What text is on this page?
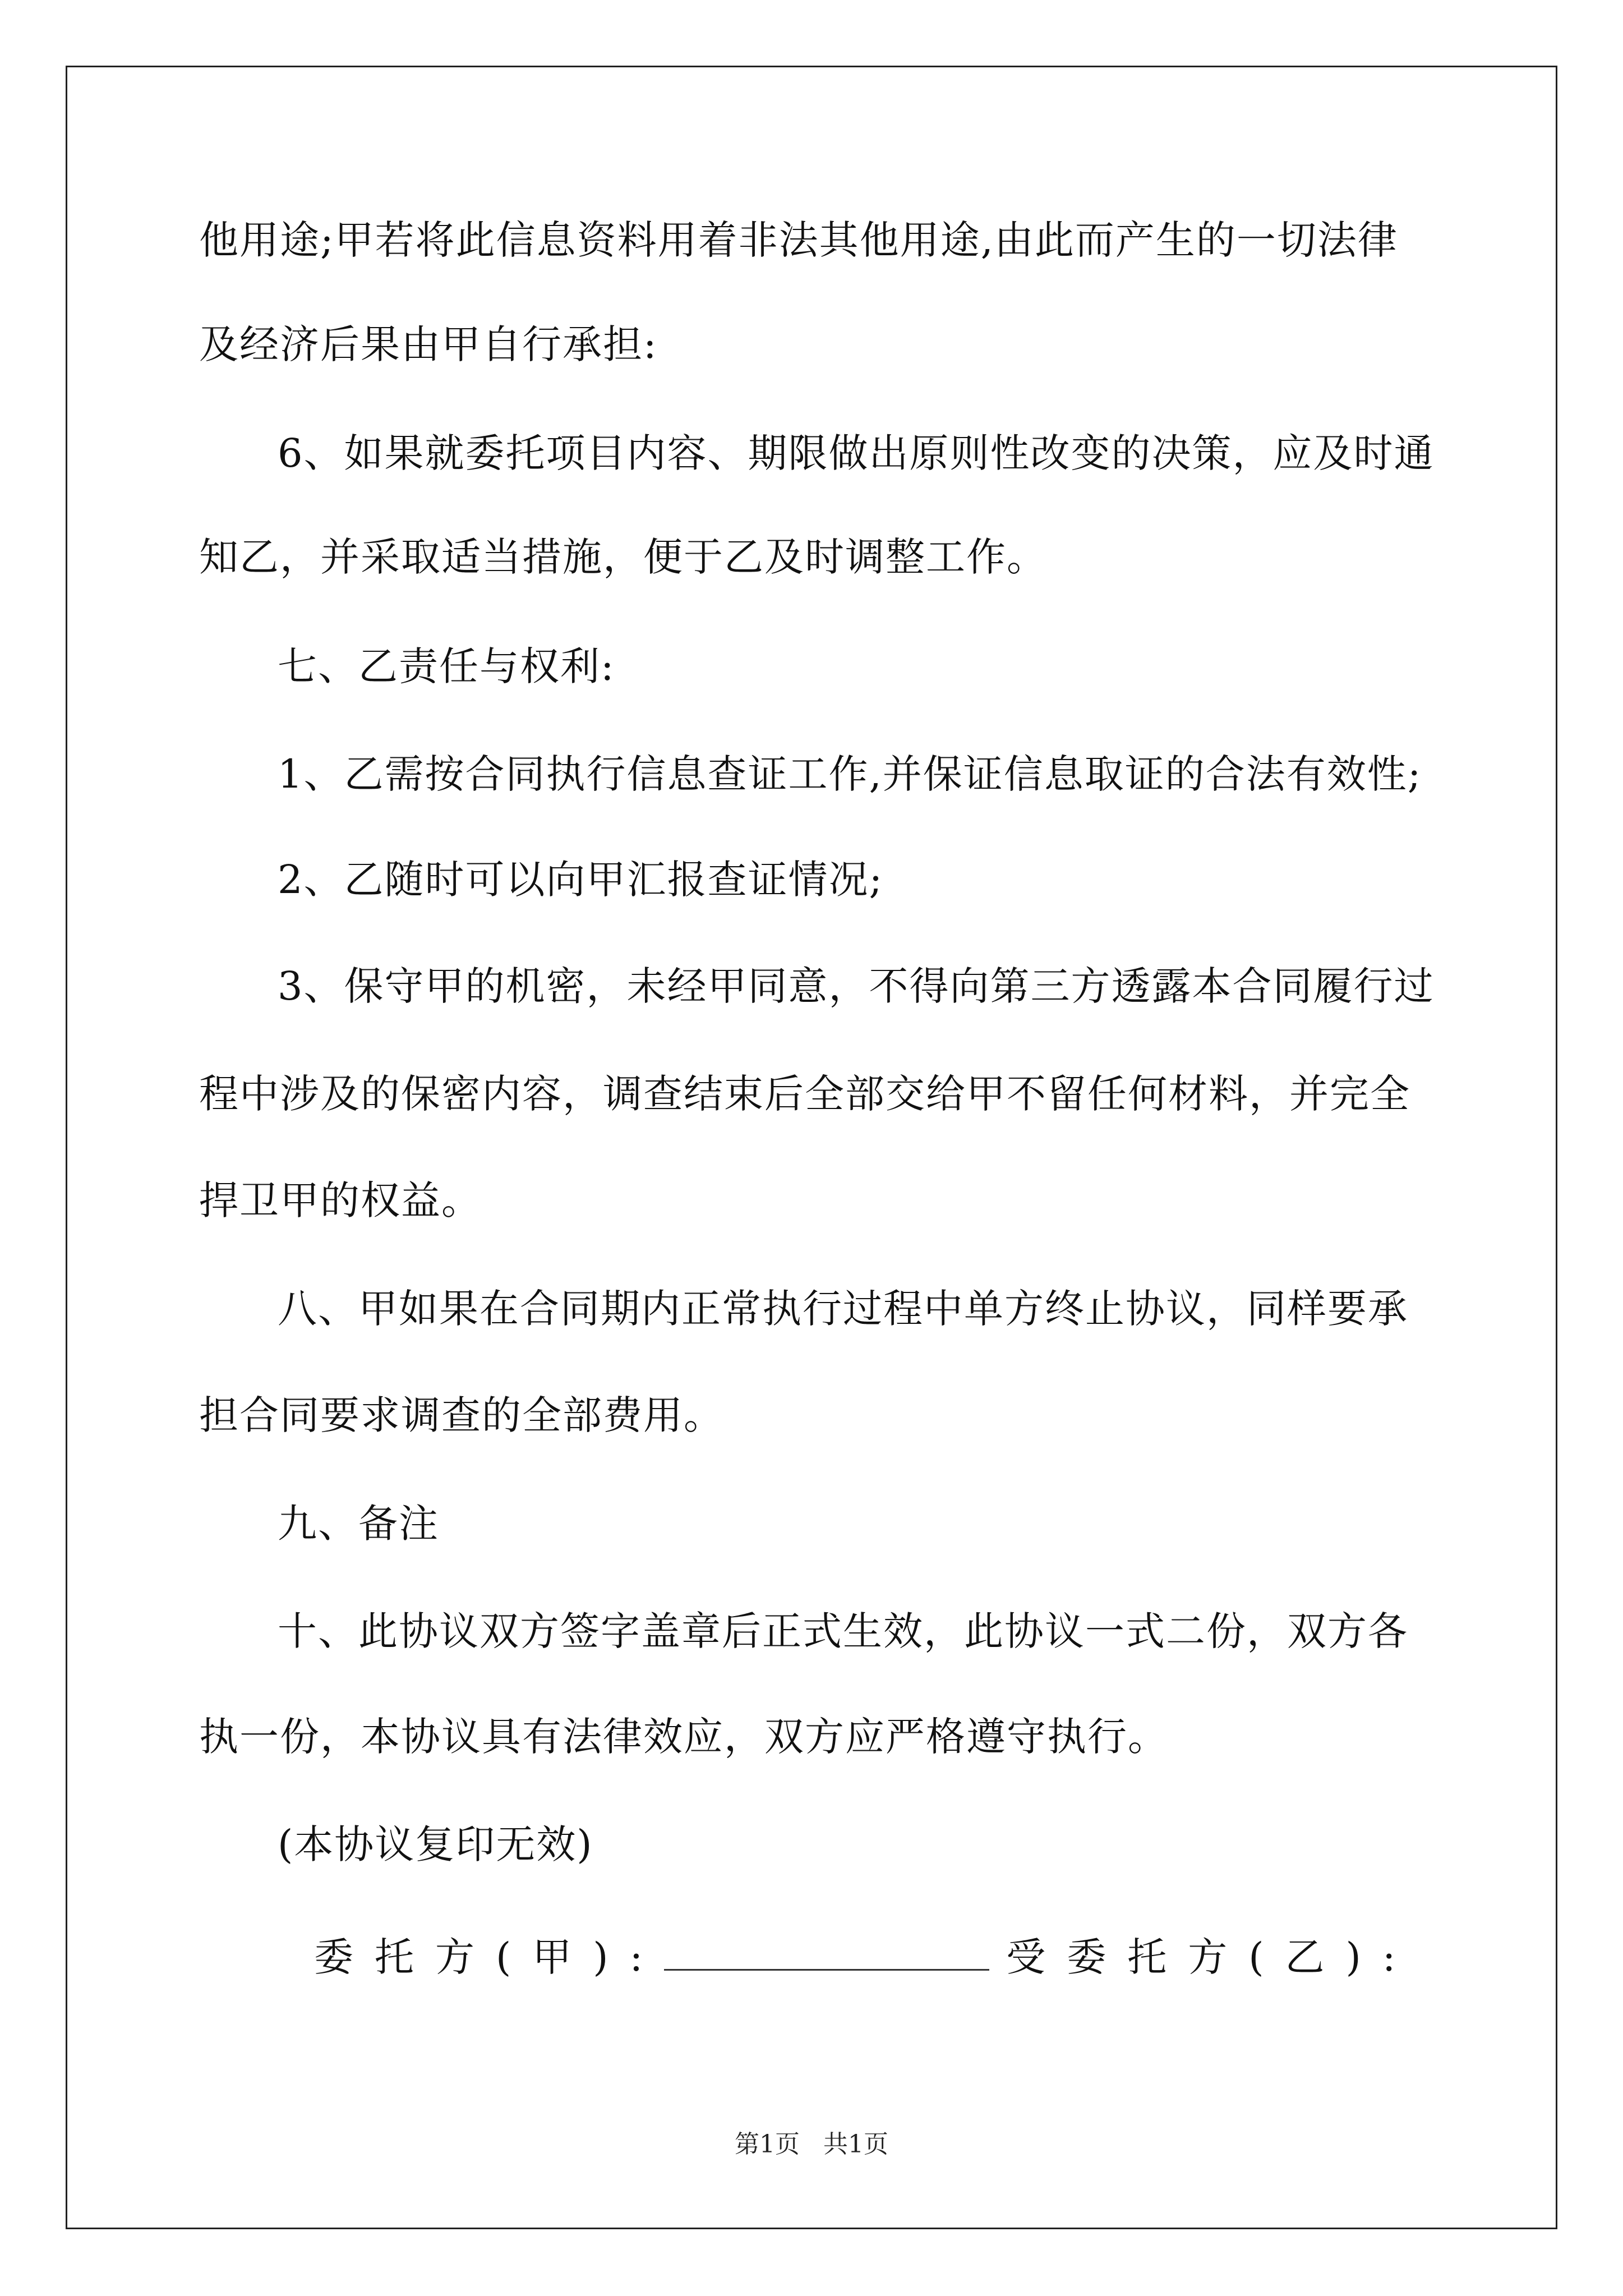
他用途;甲若将此信息资料用着非法其他用途,由此而产生的一切法律

及经济后果由甲自行承担:

6、如果就委托项目内容、期限做出原则性改变的决策，应及时通

知乙，并采取适当措施，便于乙及时调整工作。

七、乙责任与权利:

1、乙需按合同执行信息查证工作,并保证信息取证的合法有效性;

2、乙随时可以向甲汇报查证情况;

3、保守甲的机密，未经甲同意，不得向第三方透露本合同履行过

程中涉及的保密内容，调查结束后全部交给甲不留任何材料，并完全

捍卫甲的权益。

八、甲如果在合同期内正常执行过程中单方终止协议，同样要承

担合同要求调查的全部费用。

九、备注

十、此协议双方签字盖章后正式生效，此协议一式二份，双方各

执一份，本协议具有法律效应，双方应严格遵守执行。

(本协议复印无效)

委托方(甲):	受委托方(乙):
第1页 共1页
